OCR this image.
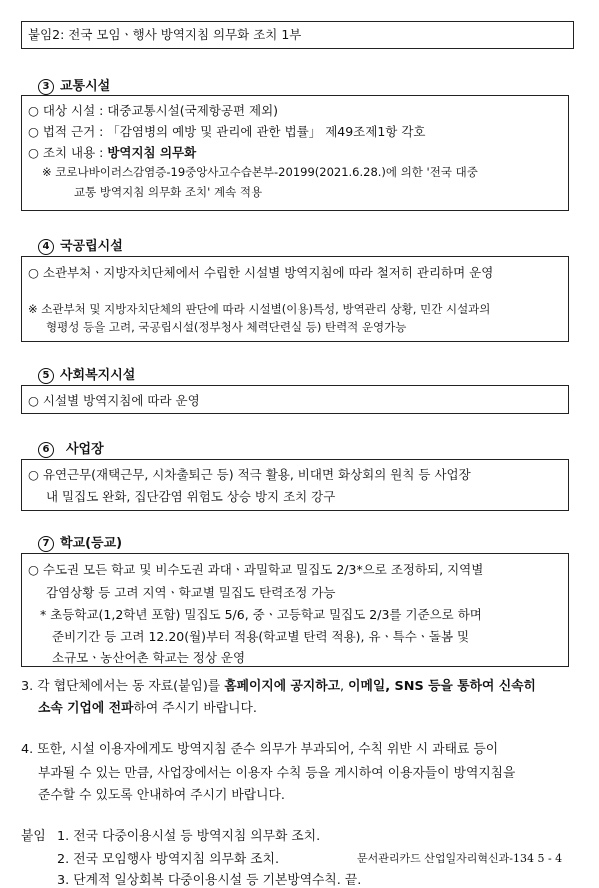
붙임2: 전국 모임ㆍ행사 방역지침 의무화 조치 1부
3 교통시설
○ 대상 시설 : 대중교통시설(국제항공편 제외)
○ 법적 근거 : 「감염병의 예방 및 관리에 관한 법률」 제49조제1항 각호
○ 조치 내용 : 방역지침 의무화
※ 코로나바이러스감염증-19중앙사고수습본부-20199(2021.6.28.)에 의한 '전국 대중
교통 방역지침 의무화 조치' 계속 적용
4 국공립시설
○ 소관부처ㆍ지방자치단체에서 수립한 시설별 방역지침에 따라 철저히 관리하며 운영
※ 소관부처 및 지방자치단체의 판단에 따라 시설별(이용)특성, 방역관리 상황, 민간 시설과의
형평성 등을 고려, 국공립시설(정부청사 체력단련실 등) 탄력적 운영가능
5 사회복지시설
○ 시설별 방역지침에 따라 운영
6 사업장
○ 유연근무(재택근무, 시차출퇴근 등) 적극 활용, 비대면 화상회의 원칙 등 사업장
내 밀집도 완화, 집단감염 위험도 상승 방지 조치 강구
7 학교(등교)
○ 수도권 모든 학교 및 비수도권 과대ㆍ과밀학교 밀집도 2/3*으로 조정하되, 지역별
감염상황 등 고려 지역ㆍ학교별 밀집도 탄력조정 가능
* 초등학교(1,2학년 포함) 밀집도 5/6, 중ㆍ고등학교 밀집도 2/3를 기준으로 하며
준비기간 등 고려 12.20(월)부터 적용(학교별 탄력 적용), 유ㆍ특수ㆍ돌봄 및
소규모ㆍ농산어촌 학교는 정상 운영
3. 각 협단체에서는 동 자료(붙임)를 홈페이지에 공지하고, 이메일, SNS 등을 통하여 신속히
소속 기업에 전파하여 주시기 바랍니다.
4. 또한, 시설 이용자에게도 방역지침 준수 의무가 부과되어, 수칙 위반 시 과태료 등이
부과될 수 있는 만큼, 사업장에서는 이용자 수칙 등을 게시하여 이용자들이 방역지침을
준수할 수 있도록 안내하여 주시기 바랍니다.
붙임 1. 전국 다중이용시설 등 방역지침 의무화 조치.
2. 전국 모임행사 방역지침 의무화 조치.	문서관리카드 산업일자리혁신과-134 5 - 4
3. 단계적 일상회복 다중이용시설 등 기본방역수칙. 끝.
